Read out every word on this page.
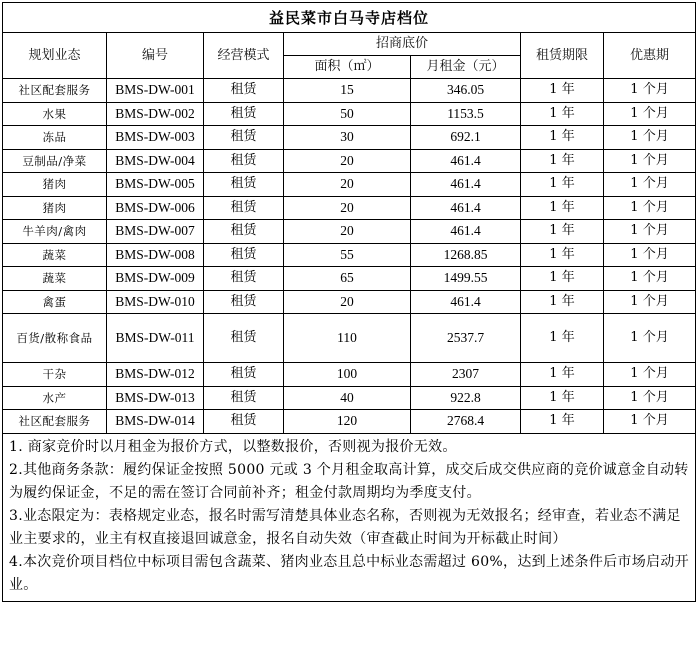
益民菜市白马寺店档位						
规划业态	编号	经营模式	招商底价		租赁期限	优惠期
			面积（㎡）	月租金（元）		
社区配套服务	BMS-DW-001	租赁	15	346.05	1 年	1 个月
水果	BMS-DW-002	租赁	50	1153.5	1 年	1 个月
冻品	BMS-DW-003	租赁	30	692.1	1 年	1 个月
豆制品/净菜	BMS-DW-004	租赁	20	461.4	1 年	1 个月
猪肉	BMS-DW-005	租赁	20	461.4	1 年	1 个月
猪肉	BMS-DW-006	租赁	20	461.4	1 年	1 个月
牛羊肉/禽肉	BMS-DW-007	租赁	20	461.4	1 年	1 个月
蔬菜	BMS-DW-008	租赁	55	1268.85	1 年	1 个月
蔬菜	BMS-DW-009	租赁	65	1499.55	1 年	1 个月
禽蛋	BMS-DW-010	租赁	20	461.4	1 年	1 个月
百货/散称食品	BMS-DW-011	租赁	110	2537.7	1 年	1 个月
干杂	BMS-DW-012	租赁	100	2307	1 年	1 个月
水产	BMS-DW-013	租赁	40	922.8	1 年	1 个月
社区配套服务	BMS-DW-014	租赁	120	2768.4	1 年	1 个月

1. 商家竞价时以月租金为报价方式，以整数报价，否则视为报价无效。

2.其他商务条款：履约保证金按照 5000 元或 3 个月租金取高计算，成交后成交供应商的竞价诚意金自动转为履约保证金，不足的需在签订合同前补齐；租金付款周期均为季度支付。

3.业态限定为：表格规定业态，报名时需写清楚具体业态名称，否则视为无效报名；经审查，若业态不满足业主要求的，业主有权直接退回诚意金，报名自动失效（审查截止时间为开标截止时间）

4.本次竞价项目档位中标项目需包含蔬菜、猪肉业态且总中标业态需超过 60%，达到上述条件后市场启动开业。						
